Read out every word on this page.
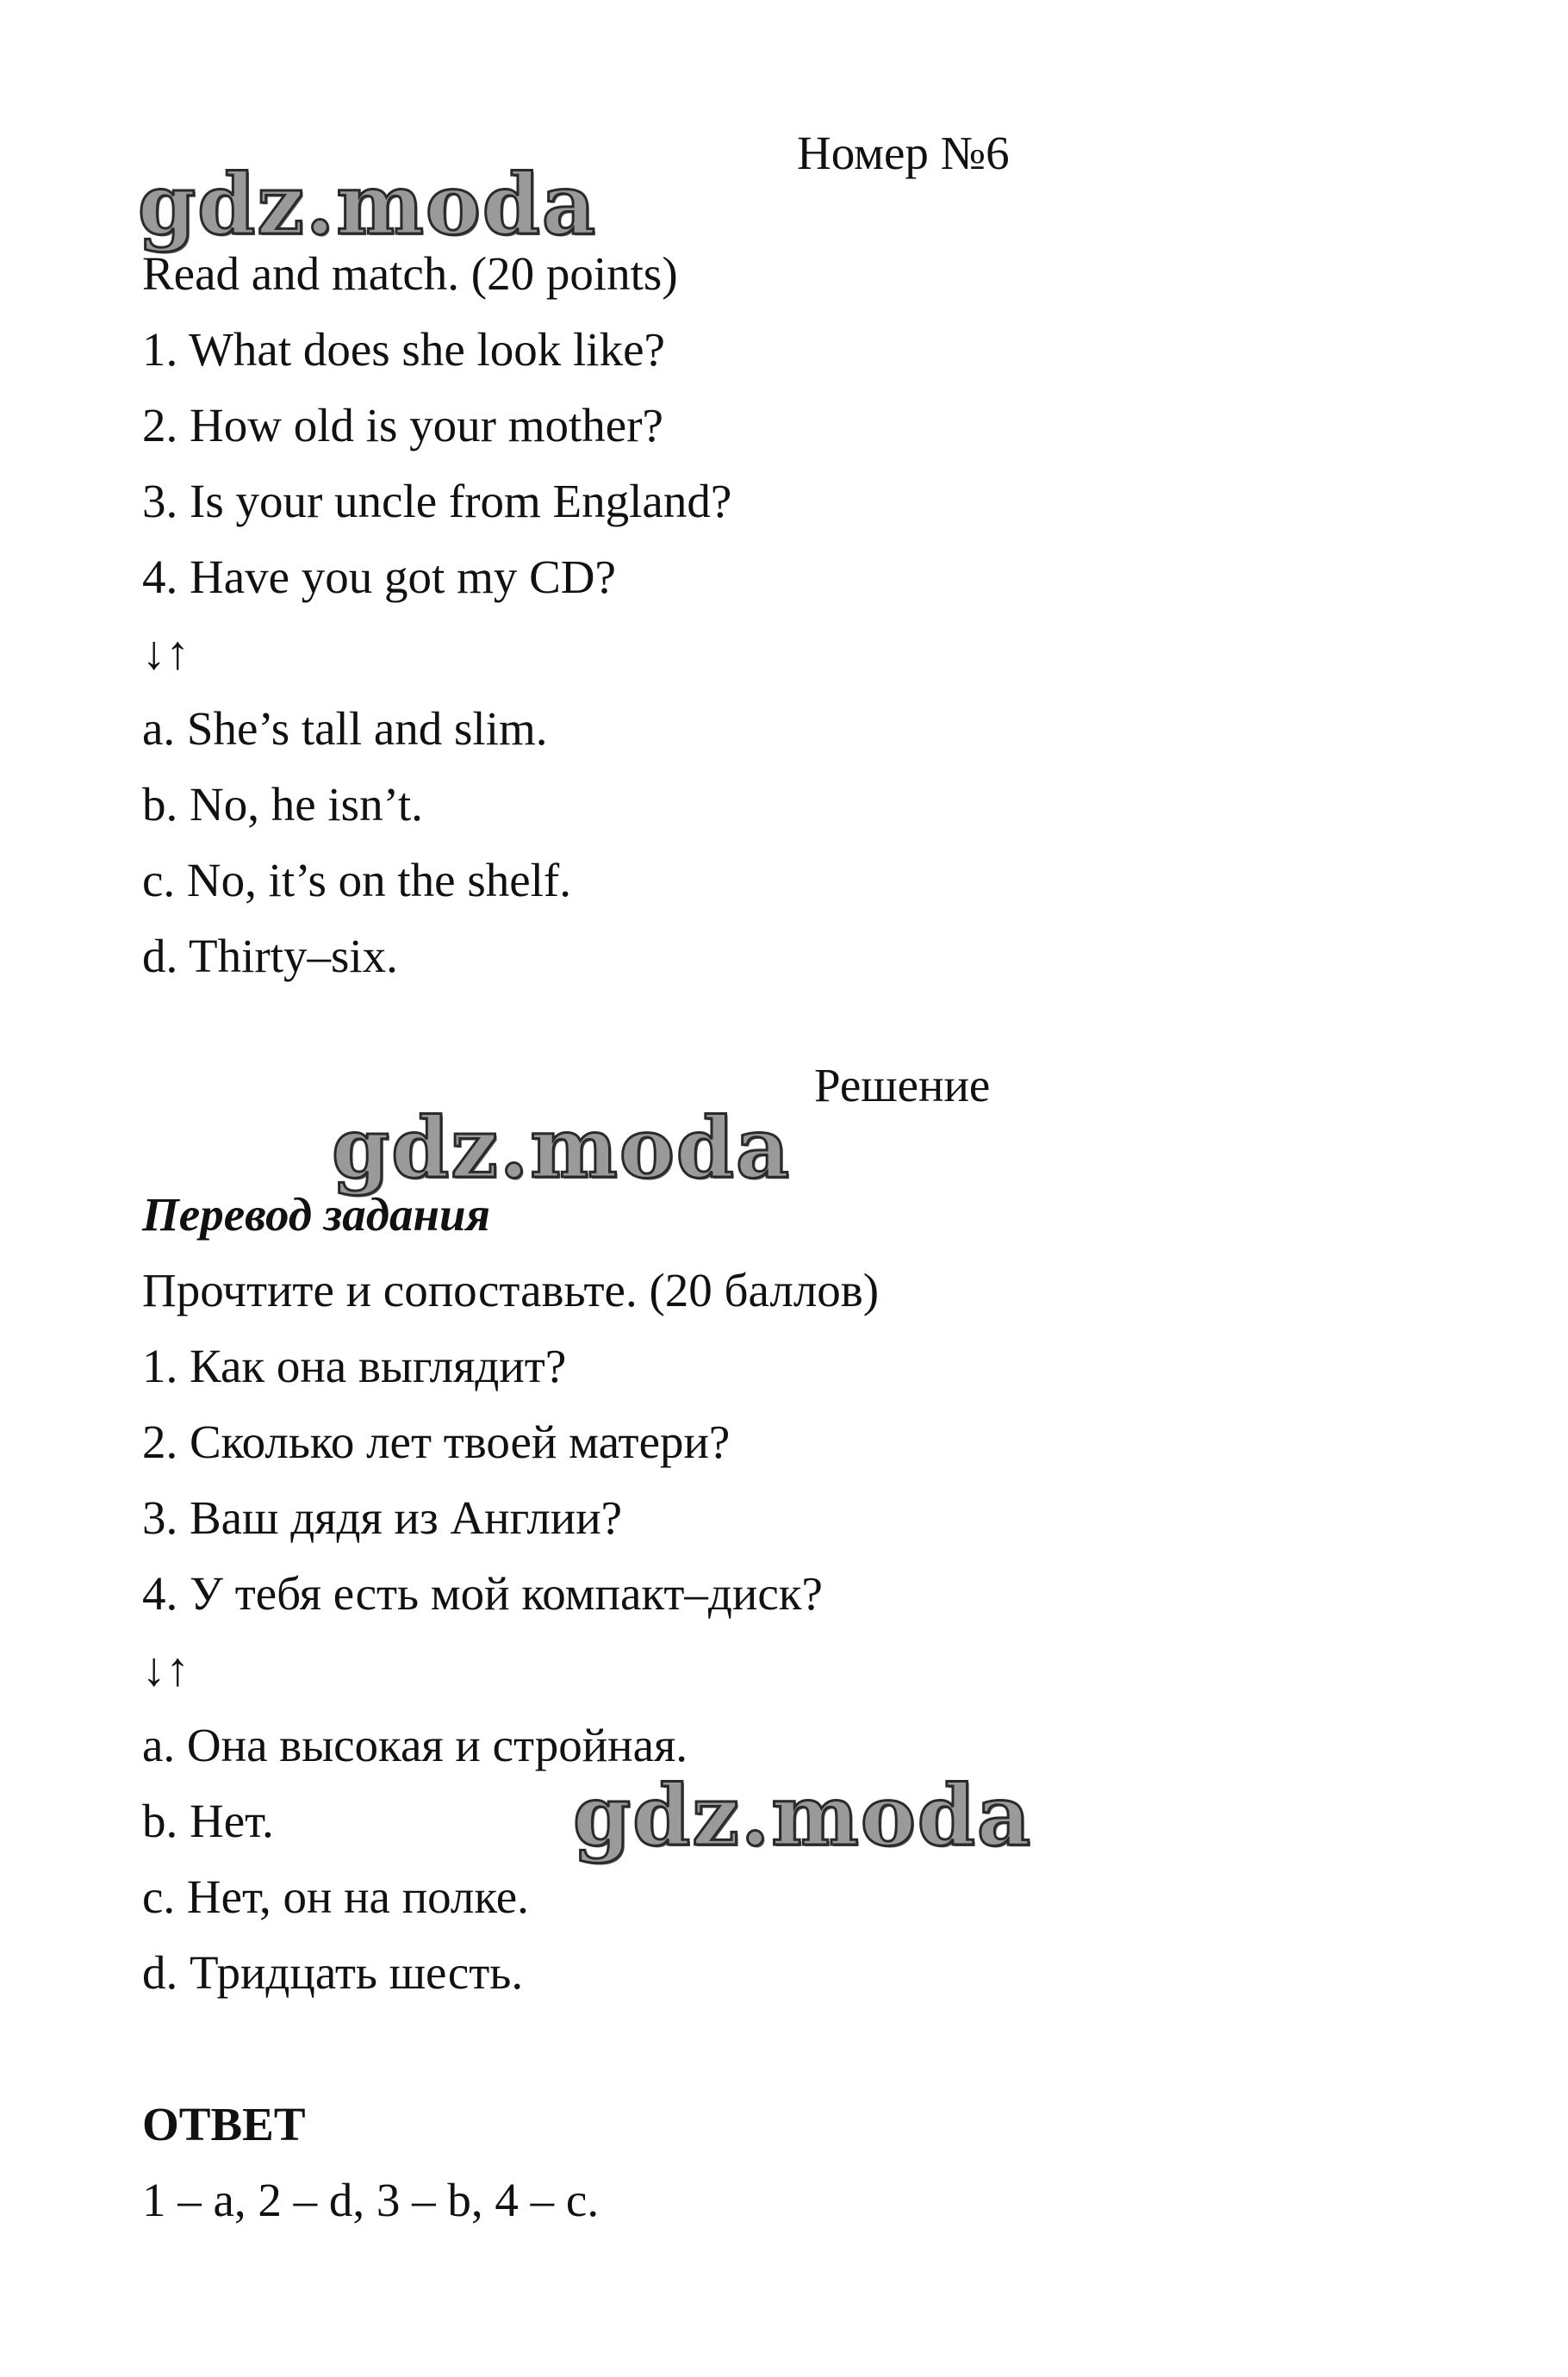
gdz.moda
gdz.moda
gdz.moda
Номер №6
Read and match. (20 points)
1. What does she look like?
2. How old is your mother?
3. Is your uncle from England?
4. Have you got my CD?
↓↑
a. She’s tall and slim.
b. No, he isn’t.
c. No, it’s on the shelf.
d. Thirty–six.
Решение
Перевод задания
Прочтите и сопоставьте. (20 баллов)
1. Как она выглядит?
2. Сколько лет твоей матери?
3. Ваш дядя из Англии?
4. У тебя есть мой компакт–диск?
↓↑
a. Она высокая и стройная.
b. Нет.
c. Нет, он на полке.
d. Тридцать шесть.
ОТВЕТ
1 – a, 2 – d, 3 – b, 4 – c.
